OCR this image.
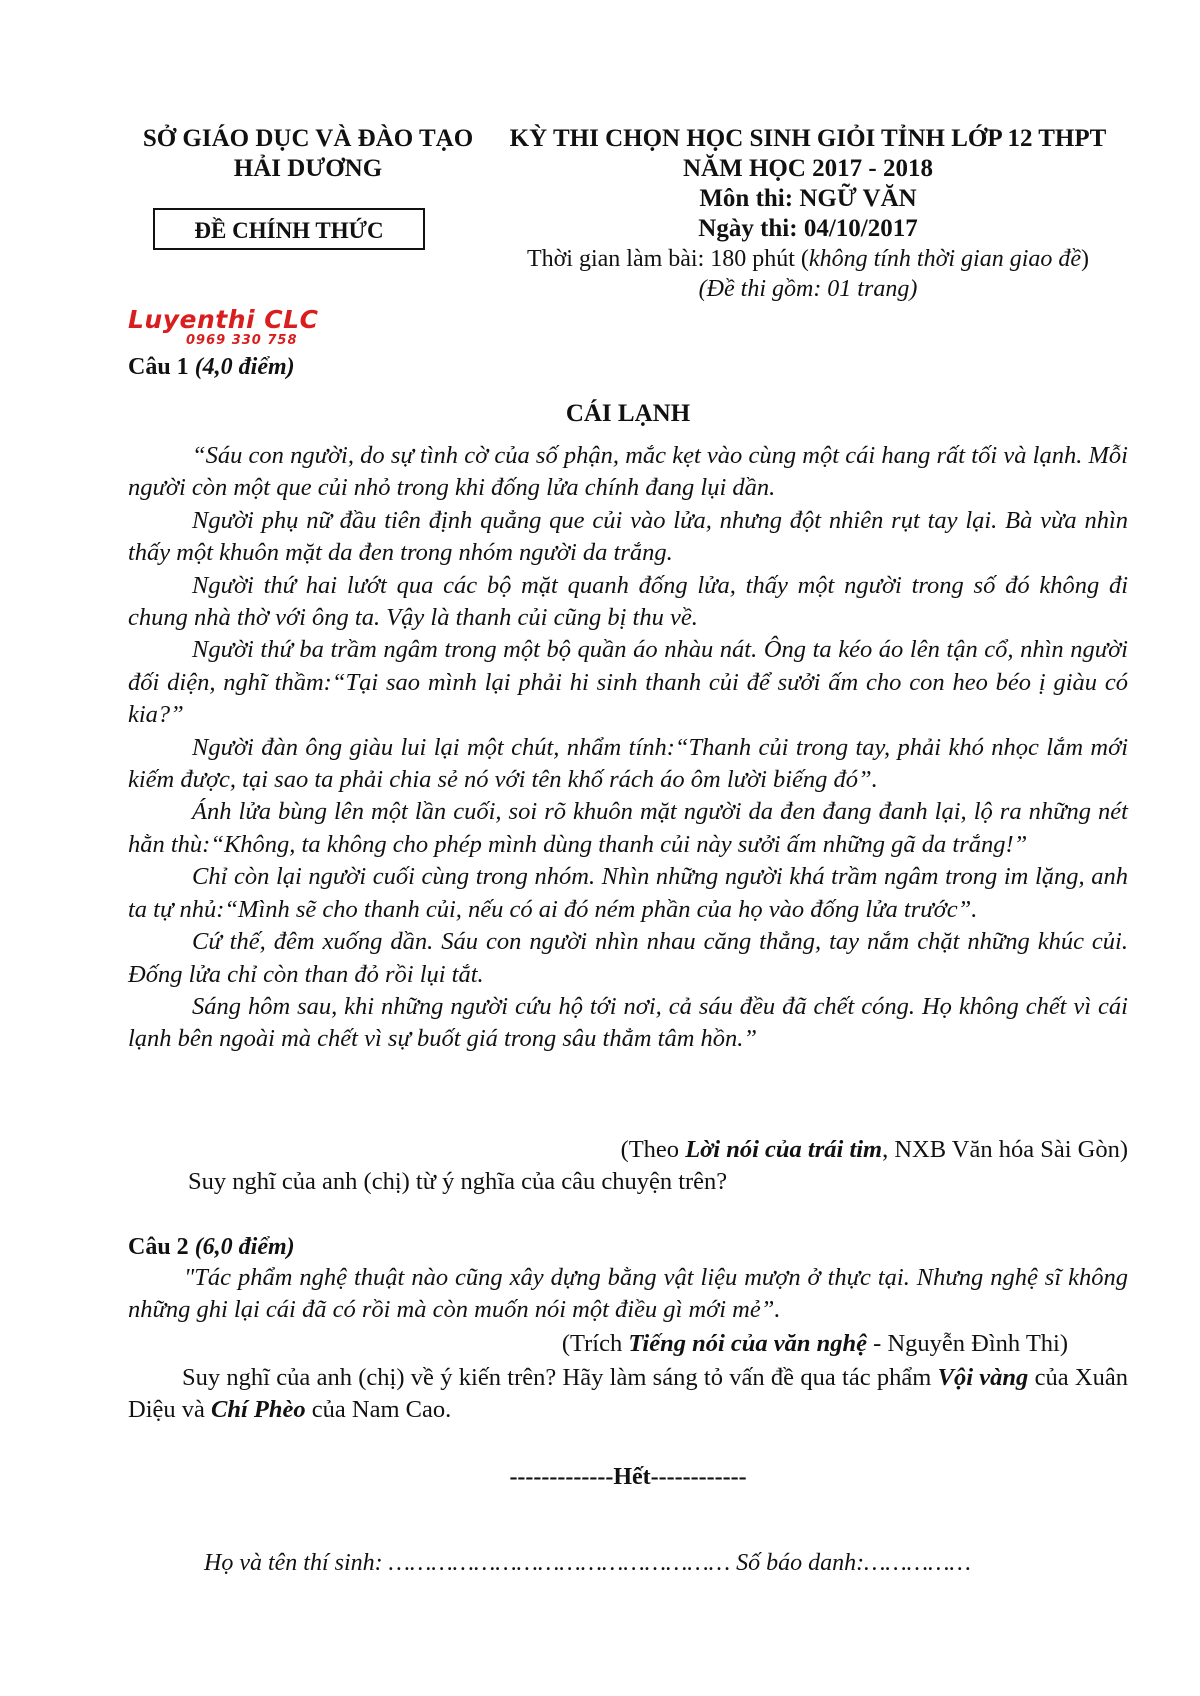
SỞ GIÁO DỤC VÀ ĐÀO TẠO
HẢI DƯƠNG
ĐỀ CHÍNH THỨC
KỲ THI CHỌN HỌC SINH GIỎI TỈNH LỚP 12 THPT
NĂM HỌC 2017 - 2018
Môn thi: NGỮ VĂN
Ngày thi: 04/10/2017
Thời gian làm bài: 180 phút (không tính thời gian giao đề)
(Đề thi gồm: 01 trang)
Luyenthi CLC
0969 330 758
Câu 1 (4,0 điểm)
CÁI LẠNH

“Sáu con người, do sự tình cờ của số phận, mắc kẹt vào cùng một cái hang rất tối và lạnh. Mỗi người còn một que củi nhỏ trong khi đống lửa chính đang lụi dần.

Người phụ nữ đầu tiên định quẳng que củi vào lửa, nhưng đột nhiên rụt tay lại. Bà vừa nhìn thấy một khuôn mặt da đen trong nhóm người da trắng.

Người thứ hai lướt qua các bộ mặt quanh đống lửa, thấy một người trong số đó không đi chung nhà thờ với ông ta. Vậy là thanh củi cũng bị thu về.

Người thứ ba trầm ngâm trong một bộ quần áo nhàu nát. Ông ta kéo áo lên tận cổ, nhìn người đối diện, nghĩ thầm:“Tại sao mình lại phải hi sinh thanh củi để sưởi ấm cho con heo béo ị giàu có kia?”

Người đàn ông giàu lui lại một chút, nhẩm tính:“Thanh củi trong tay, phải khó nhọc lắm mới kiếm được, tại sao ta phải chia sẻ nó với tên khố rách áo ôm lười biếng đó”.

Ánh lửa bùng lên một lần cuối, soi rõ khuôn mặt người da đen đang đanh lại, lộ ra những nét hằn thù:“Không, ta không cho phép mình dùng thanh củi này sưởi ấm những gã da trắng!”

Chỉ còn lại người cuối cùng trong nhóm. Nhìn những người khá trầm ngâm trong im lặng, anh ta tự nhủ:“Mình sẽ cho thanh củi, nếu có ai đó ném phần của họ vào đống lửa trước”.

Cứ thế, đêm xuống dần. Sáu con người nhìn nhau căng thẳng, tay nắm chặt những khúc củi. Đống lửa chỉ còn than đỏ rồi lụi tắt.

Sáng hôm sau, khi những người cứu hộ tới nơi, cả sáu đều đã chết cóng. Họ không chết vì cái lạnh bên ngoài mà chết vì sự buốt giá trong sâu thẳm tâm hồn.”

(Theo Lời nói của trái tim, NXB Văn hóa Sài Gòn)
Suy nghĩ của anh (chị) từ ý nghĩa của câu chuyện trên?
Câu 2 (6,0 điểm)

"Tác phẩm nghệ thuật nào cũng xây dựng bằng vật liệu mượn ở thực tại. Nhưng nghệ sĩ không những ghi lại cái đã có rồi mà còn muốn nói một điều gì mới mẻ”.

(Trích Tiếng nói của văn nghệ - Nguyễn Đình Thi)
Suy nghĩ của anh (chị) về ý kiến trên? Hãy làm sáng tỏ vấn đề qua tác phẩm Vội vàng của Xuân Diệu và Chí Phèo của Nam Cao.
-------------Hết------------
Họ và tên thí sinh: ………………………………………… Số báo danh:……………
